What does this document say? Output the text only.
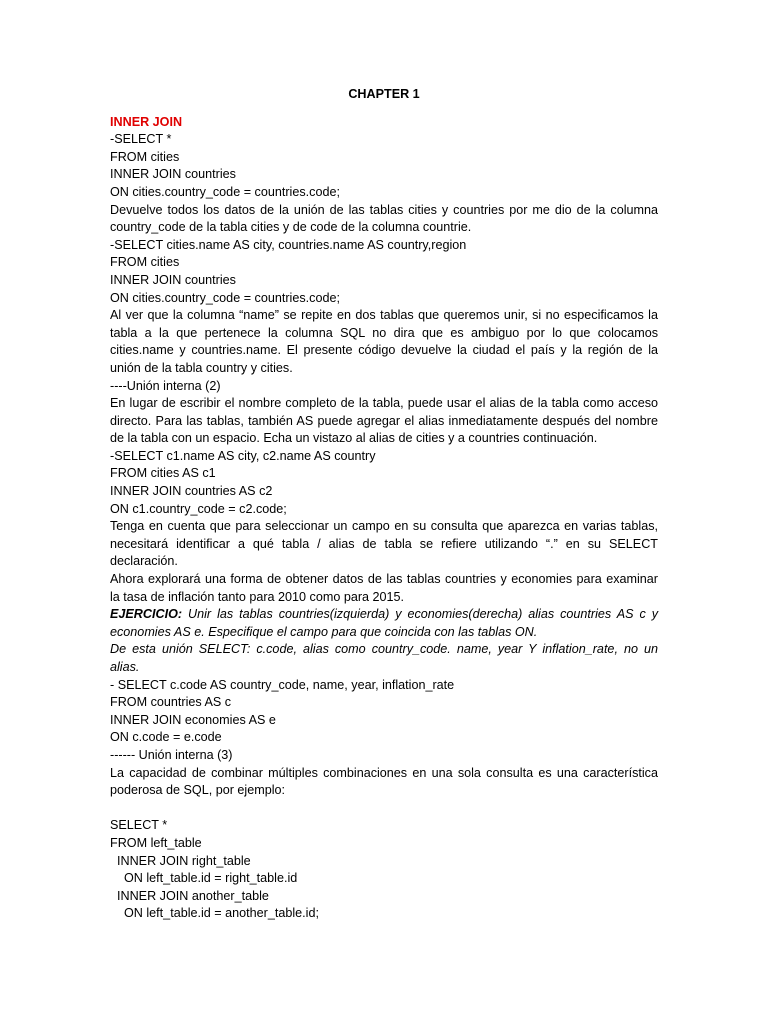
CHAPTER 1
INNER JOIN
-SELECT *
FROM cities
INNER JOIN countries
ON cities.country_code = countries.code;

Devuelve todos los datos de la unión de las tablas cities y countries por me dio de la columna country_code de la tabla cities y de code de la columna countrie.

-SELECT cities.name AS city, countries.name AS country,region
FROM cities
INNER JOIN countries
ON cities.country_code = countries.code;

Al ver que la columna “name” se repite en dos tablas que queremos unir, si no especificamos la tabla a la que pertenece la columna SQL no dira que es ambiguo por lo que colocamos cities.name y countries.name. El presente código devuelve la ciudad el país y la región de la unión de la tabla country y cities.

----Unión interna (2)

En lugar de escribir el nombre completo de la tabla, puede usar el alias de la tabla como acceso directo. Para las tablas, también AS puede agregar el alias inmediatamente después del nombre de la tabla con un espacio. Echa un vistazo al alias de cities y a countries continuación.

-SELECT c1.name AS city, c2.name AS country
FROM cities AS c1
INNER JOIN countries AS c2
ON c1.country_code = c2.code;

Tenga en cuenta que para seleccionar un campo en su consulta que aparezca en varias tablas, necesitará identificar a qué tabla / alias de tabla se refiere utilizando “.” en su SELECT declaración.

Ahora explorará una forma de obtener datos de las tablas countries y economies para examinar la tasa de inflación tanto para 2010 como para 2015.

EJERCICIO: Unir las tablas countries(izquierda) y economies(derecha) alias countries AS c y economies AS e. Especifique el campo para que coincida con las tablas ON.

De esta unión SELECT: c.code, alias como country_code. name, year Y inflation_rate, no un alias.

- SELECT c.code AS country_code, name, year, inflation_rate
FROM countries AS c
INNER JOIN economies AS e
ON c.code = e.code
------ Unión interna (3)

La capacidad de combinar múltiples combinaciones en una sola consulta es una característica poderosa de SQL, por ejemplo:

SELECT *
FROM left_table
INNER JOIN right_table
ON left_table.id = right_table.id
INNER JOIN another_table
ON left_table.id = another_table.id;
